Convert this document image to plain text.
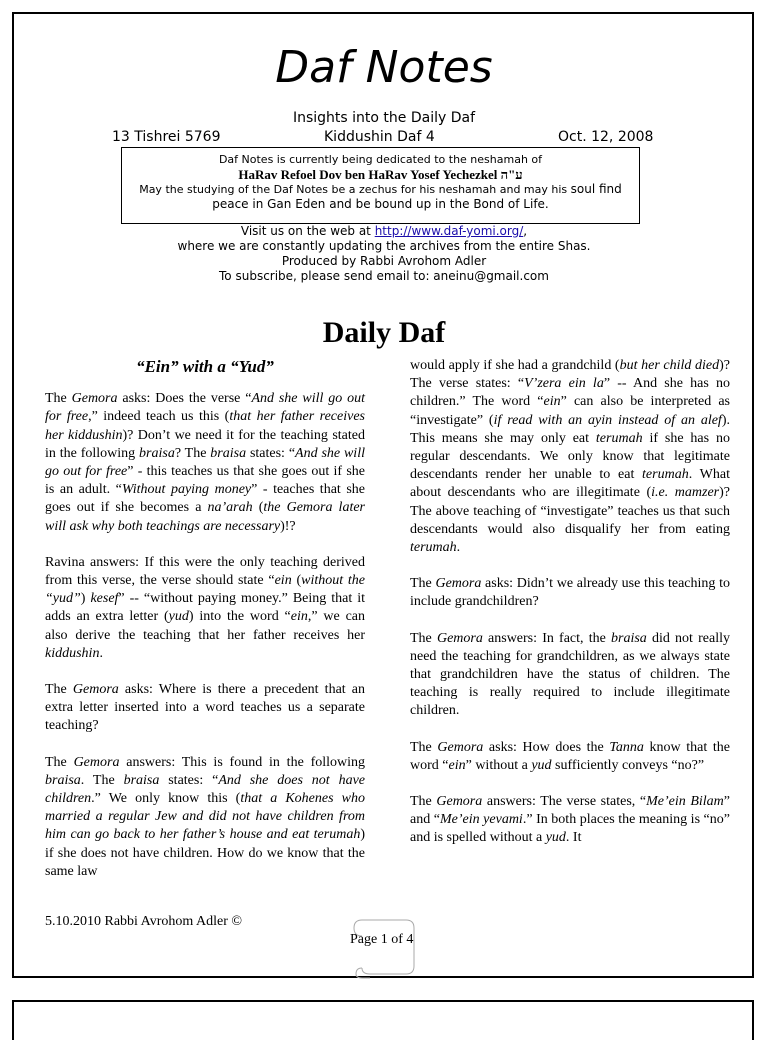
Daf Notes
Insights into the Daily Daf
13 Tishrei 5769	Kiddushin Daf 4	Oct. 12, 2008
Daf Notes is currently being dedicated to the neshamah of
HaRav Refoel Dov ben HaRav Yosef Yechezkel ע"ה
May the studying of the Daf Notes be a zechus for his neshamah and may his soul find
peace in Gan Eden and be bound up in the Bond of Life.
Visit us on the web at http://www.daf-yomi.org/,
where we are constantly updating the archives from the entire Shas.
Produced by Rabbi Avrohom Adler
To subscribe, please send email to: aneinu@gmail.com
Daily Daf
“Ein” with a “Yud”

The Gemora asks: Does the verse “And she will go out for free,” indeed teach us this (that her father receives her kiddushin)? Don’t we need it for the teaching stated in the following braisa? The braisa states: “And she will go out for free” - this teaches us that she goes out if she is an adult. “Without paying money” - teaches that she goes out if she becomes a na’arah (the Gemora later will ask why both teachings are necessary)!?

Ravina answers: If this were the only teaching derived from this verse, the verse should state “ein (without the “yud”) kesef” -- “without paying money.” Being that it adds an extra letter (yud) into the word “ein,” we can also derive the teaching that her father receives her kiddushin.

The Gemora asks: Where is there a precedent that an extra letter inserted into a word teaches us a separate teaching?

The Gemora answers: This is found in the following braisa. The braisa states: “And she does not have children.” We only know this (that a Kohenes who married a regular Jew and did not have children from him can go back to her father’s house and eat terumah) if she does not have children. How do we know that the same law

would apply if she had a grandchild (but her child died)? The verse states: “V’zera ein la” -- And she has no children.” The word “ein” can also be interpreted as “investigate” (if read with an ayin instead of an alef). This means she may only eat terumah if she has no regular descendants. We only know that legitimate descendants render her unable to eat terumah. What about descendants who are illegitimate (i.e. mamzer)? The above teaching of “investigate” teaches us that such descendants would also disqualify her from eating terumah.

The Gemora asks: Didn’t we already use this teaching to include grandchildren?

The Gemora answers: In fact, the braisa did not really need the teaching for grandchildren, as we always state that grandchildren have the status of children. The teaching is really required to include illegitimate children.

The Gemora asks: How does the Tanna know that the word “ein” without a yud sufficiently conveys “no?”

The Gemora answers: The verse states, “Me’ein Bilam” and “Me’ein yevami.” In both places the meaning is “no” and is spelled without a yud. It

5.10.2010 Rabbi Avrohom Adler ©
Page 1 of 4
